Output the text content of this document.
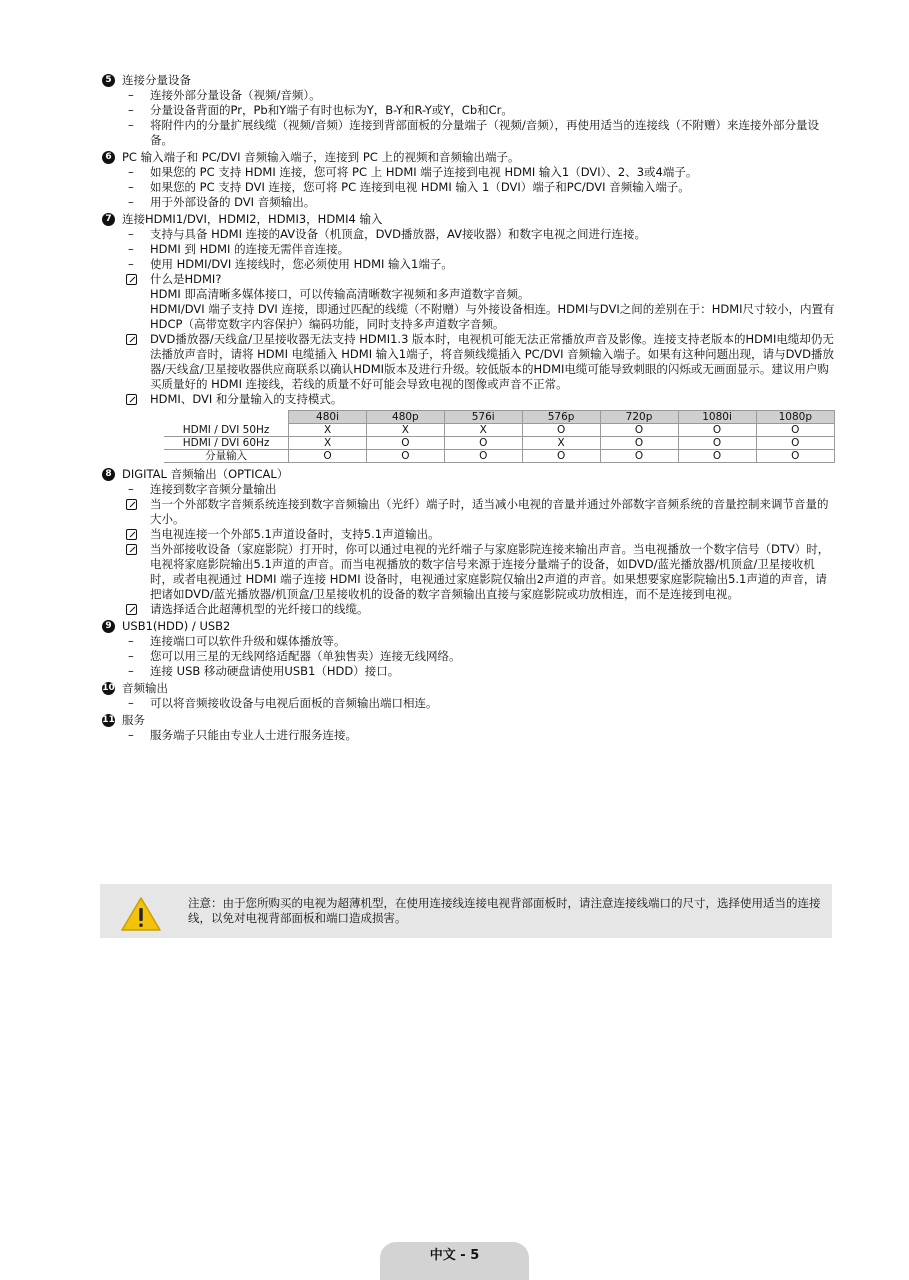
5 连接分量设备
– 连接外部分量设备（视频/音频）。
– 分量设备背面的Pr，Pb和Y端子有时也标为Y，B-Y和R-Y或Y，Cb和Cr。
– 将附件内的分量扩展线缆（视频/音频）连接到背部面板的分量端子（视频/音频），再使用适当的连接线（不附赠）来连接外部分量设备。
6 PC 输入端子和 PC/DVI 音频输入端子，连接到 PC 上的视频和音频输出端子。
– 如果您的 PC 支持 HDMI 连接，您可将 PC 上 HDMI 端子连接到电视 HDMI 输入1（DVI）、2、3或4端子。
– 如果您的 PC 支持 DVI 连接，您可将 PC 连接到电视 HDMI 输入 1（DVI）端子和PC/DVI 音频输入端子。
– 用于外部设备的 DVI 音频输出。
7 连接HDMI1/DVI，HDMI2，HDMI3，HDMI4 输入
– 支持与具备 HDMI 连接的AV设备（机顶盒，DVD播放器，AV接收器）和数字电视之间进行连接。
– HDMI 到 HDMI 的连接无需伴音连接。
– 使用 HDMI/DVI 连接线时，您必须使用 HDMI 输入1端子。
什么是HDMI?
HDMI 即高清晰多媒体接口，可以传输高清晰数字视频和多声道数字音频。
HDMI/DVI 端子支持 DVI 连接，即通过匹配的线缆（不附赠）与外接设备相连。HDMI与DVI之间的差别在于：HDMI尺寸较小，内置有 HDCP（高带宽数字内容保护）编码功能，同时支持多声道数字音频。
DVD播放器/天线盒/卫星接收器无法支持 HDMI1.3 版本时，电视机可能无法正常播放声音及影像。连接支持老版本的HDMI电缆却仍无法播放声音时，请将 HDMI 电缆插入 HDMI 输入1端子，将音频线缆插入 PC/DVI 音频输入端子。如果有这种问题出现，请与DVD播放器/天线盒/卫星接收器供应商联系以确认HDMI版本及进行升级。较低版本的HDMI电缆可能导致刺眼的闪烁或无画面显示。建议用户购买质量好的 HDMI 连接线，若线的质量不好可能会导致电视的图像或声音不正常。
HDMI、DVI 和分量输入的支持模式。
	480i	480p	576i	576p	720p	1080i	1080p
HDMI / DVI 50Hz	X	X	X	O	O	O	O
HDMI / DVI 60Hz	X	O	O	X	O	O	O
分量输入	O	O	O	O	O	O	O
8 DIGITAL 音频输出（OPTICAL）
– 连接到数字音频分量输出
当一个外部数字音频系统连接到数字音频输出（光纤）端子时，适当减小电视的音量并通过外部数字音频系统的音量控制来调节音量的大小。
当电视连接一个外部5.1声道设备时，支持5.1声道输出。
当外部接收设备（家庭影院）打开时，你可以通过电视的光纤端子与家庭影院连接来输出声音。当电视播放一个数字信号（DTV）时，电视将家庭影院输出5.1声道的声音。而当电视播放的数字信号来源于连接分量端子的设备，如DVD/蓝光播放器/机顶盒/卫星接收机时，或者电视通过 HDMI 端子连接 HDMI 设备时，电视通过家庭影院仅输出2声道的声音。如果想要家庭影院输出5.1声道的声音，请把诸如DVD/蓝光播放器/机顶盒/卫星接收机的设备的数字音频输出直接与家庭影院或功放相连，而不是连接到电视。
请选择适合此超薄机型的光纤接口的线缆。
9 USB1(HDD) / USB2
– 连接端口可以软件升级和媒体播放等。
– 您可以用三星的无线网络适配器（单独售卖）连接无线网络。
– 连接 USB 移动硬盘请使用USB1（HDD）接口。
10 音频输出
– 可以将音频接收设备与电视后面板的音频输出端口相连。
11 服务
– 服务端子只能由专业人士进行服务连接。
注意：由于您所购买的电视为超薄机型，在使用连接线连接电视背部面板时，请注意连接线端口的尺寸，选择使用适当的连接线，以免对电视背部面板和端口造成损害。
中文 - 5
